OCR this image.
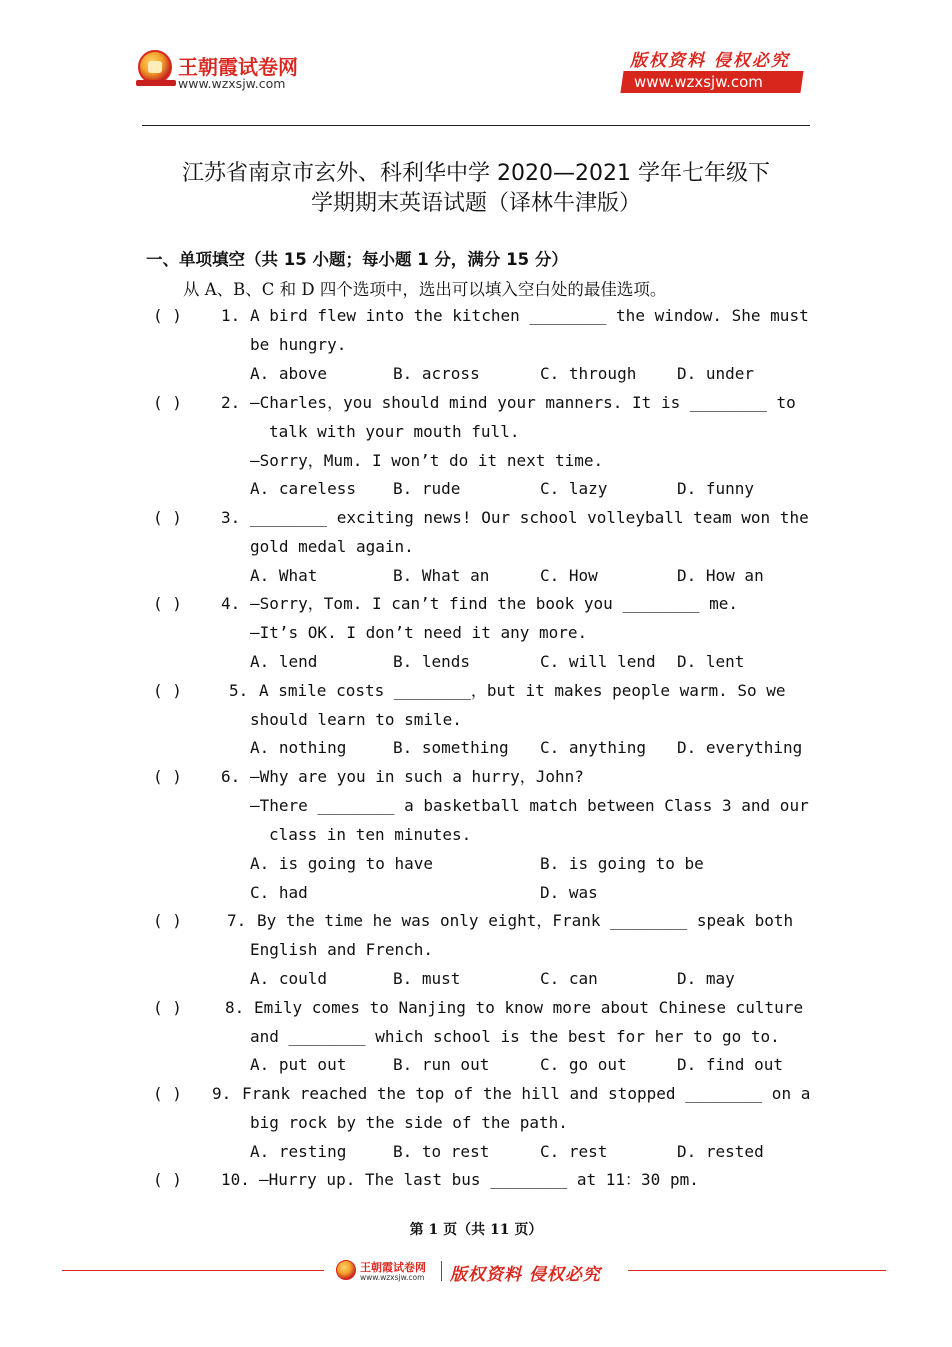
王朝霞试卷网
www.wzxsjw.com
版权资料 侵权必究
www.wzxsjw.com
江苏省南京市玄外、科利华中学 2020—2021 学年七年级下
学期期末英语试题（译林牛津版）
一、单项填空（共 15 小题；每小题 1 分，满分 15 分）
从 A、B、C 和 D 四个选项中，选出可以填入空白处的最佳选项。
( ) 1. A bird flew into the kitchen ________ the window. She must
be hungry.
A. above	B. across	C. through	D. under
( ) 2. —Charles，you should mind your manners. It is ________ to
talk with your mouth full.
—Sorry，Mum. I won’t do it next time.
A. careless B. rude	C. lazy	D. funny
( ) 3. ________ exciting news! Our school volleyball team won the
gold medal again.
A. What	B. What an	C. How	D. How an
( ) 4. —Sorry，Tom. I can’t find the book you ________ me.
—It’s OK. I don’t need it any more.
A. lend	B. lends	C. will lend D. lent
( )	5. A smile costs ________，but it makes people warm. So we
should learn to smile.
A. nothing	B. something C. anything D. everything
( ) 6. —Why are you in such a hurry，John?
—There ________ a basketball match between Class 3 and our
class in ten minutes.
A. is going to have	B. is going to be
C. had	D. was
( )	7. By the time he was only eight，Frank ________ speak both
English and French.
A. could	B. must	C. can	D. may
( )	8. Emily comes to Nanjing to know more about Chinese culture
and ________ which school is the best for her to go to.
A. put out	B. run out	C. go out	D. find out
( ) 9. Frank reached the top of the hill and stopped ________ on a
big rock by the side of the path.
A. resting	B. to rest	C. rest	D. rested
( ) 10. —Hurry up. The last bus ________ at 11：30 pm.
第 1 页（共 11 页）
王朝霞试卷网
www.wzxsjw.com 版权资料 侵权必究
